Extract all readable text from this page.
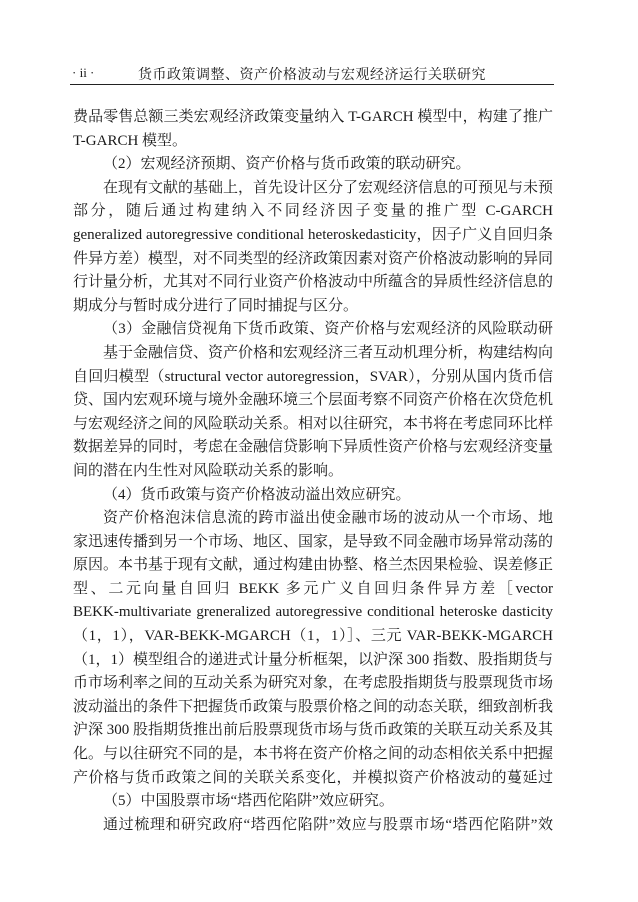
· ii ·	货币政策调整、资产价格波动与宏观经济运行关联研究
费品零售总额三类宏观经济政策变量纳入 T-GARCH 模型中，构建了推广
T-GARCH 模型。
（2）宏观经济预期、资产价格与货币政策的联动研究。
在现有文献的基础上，首先设计区分了宏观经济信息的可预见与未预
部分，随后通过构建纳入不同经济因子变量的推广型 C-GARCH
generalized autoregressive conditional heteroskedasticity，因子广义自回归条
件异方差）模型，对不同类型的经济政策因素对资产价格波动影响的异同
行计量分析，尤其对不同行业资产价格波动中所蕴含的异质性经济信息的
期成分与暂时成分进行了同时捕捉与区分。
（3）金融信贷视角下货币政策、资产价格与宏观经济的风险联动研
基于金融信贷、资产价格和宏观经济三者互动机理分析，构建结构向
自回归模型（structural vector autoregression，SVAR），分别从国内货币信
贷、国内宏观环境与境外金融环境三个层面考察不同资产价格在次贷危机
与宏观经济之间的风险联动关系。相对以往研究，本书将在考虑同环比样
数据差异的同时，考虑在金融信贷影响下异质性资产价格与宏观经济变量
间的潜在内生性对风险联动关系的影响。
（4）货币政策与资产价格波动溢出效应研究。
资产价格泡沫信息流的跨市溢出使金融市场的波动从一个市场、地
家迅速传播到另一个市场、地区、国家，是导致不同金融市场异常动荡的
原因。本书基于现有文献，通过构建由协整、格兰杰因果检验、误差修正
型、二元向量自回归 BEKK 多元广义自回归条件异方差［vector
BEKK-multivariate greneralized autoregressive conditional heteroske dasticity
（1，1），VAR-BEKK-MGARCH（1，1）］、三元 VAR-BEKK-MGARCH
（1，1）模型组合的递进式计量分析框架，以沪深 300 指数、股指期货与
币市场利率之间的互动关系为研究对象，在考虑股指期货与股票现货市场
波动溢出的条件下把握货币政策与股票价格之间的动态关联，细致剖析我
沪深 300 股指期货推出前后股票现货市场与货币政策的关联互动关系及其
化。与以往研究不同的是，本书将在资产价格之间的动态相依关系中把握
产价格与货币政策之间的关联关系变化，并模拟资产价格波动的蔓延过
（5）中国股票市场“塔西佗陷阱”效应研究。
通过梳理和研究政府“塔西佗陷阱”效应与股票市场“塔西佗陷阱”效
